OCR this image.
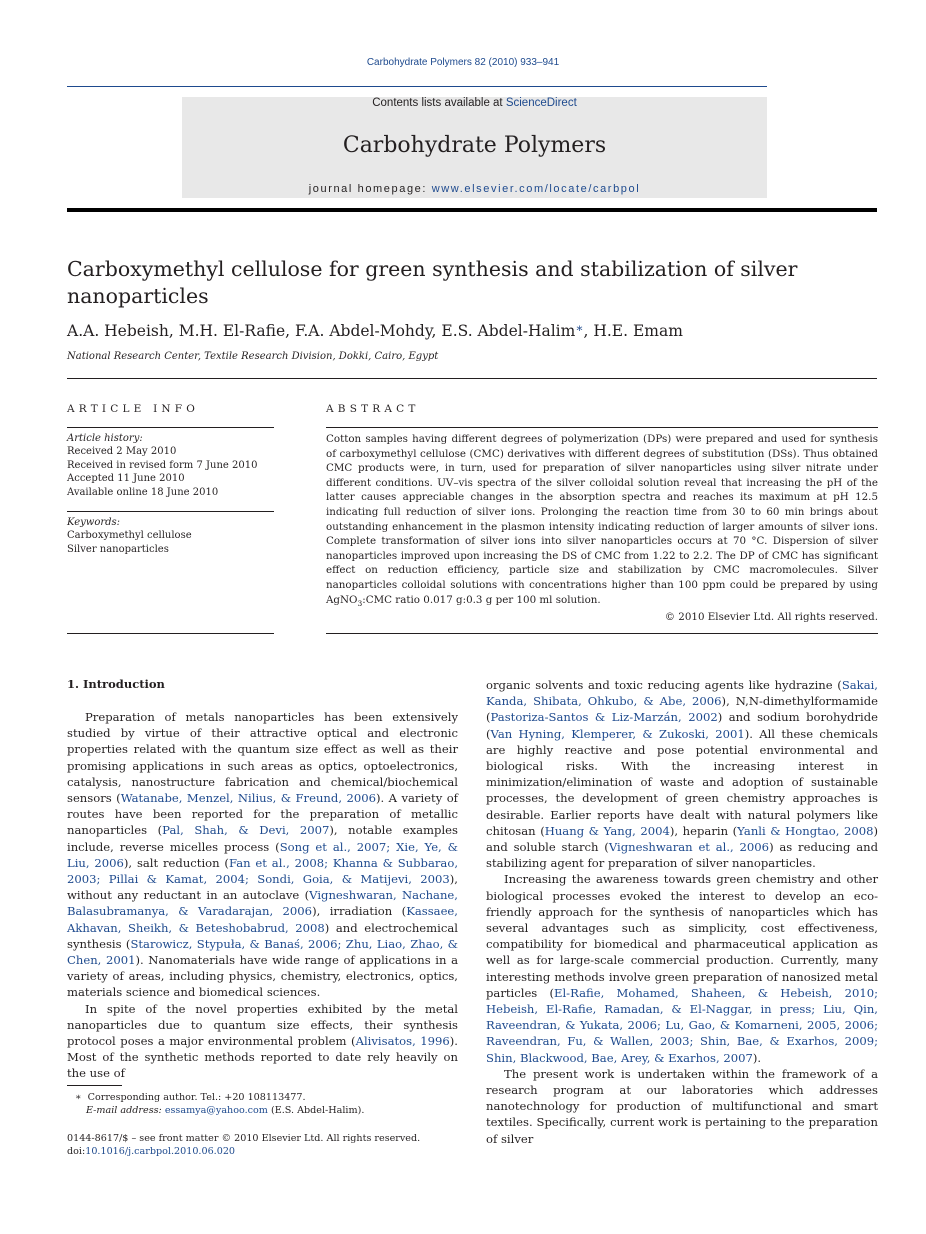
Carbohydrate Polymers 82 (2010) 933–941
Contents lists available at ScienceDirect
Carbohydrate Polymers
journal homepage: www.elsevier.com/locate/carbpol
Carboxymethyl cellulose for green synthesis and stabilization of silver
nanoparticles
A.A. Hebeish, M.H. El-Rafie, F.A. Abdel-Mohdy, E.S. Abdel-Halim∗, H.E. Emam
National Research Center, Textile Research Division, Dokki, Cairo, Egypt
ARTICLE INFO
Article history:
Received 2 May 2010
Received in revised form 7 June 2010
Accepted 11 June 2010
Available online 18 June 2010
Keywords:
Carboxymethyl cellulose
Silver nanoparticles
ABSTRACT
Cotton samples having different degrees of polymerization (DPs) were prepared and used for synthesis of carboxymethyl cellulose (CMC) derivatives with different degrees of substitution (DSs). Thus obtained CMC products were, in turn, used for preparation of silver nanoparticles using silver nitrate under different conditions. UV–vis spectra of the silver colloidal solution reveal that increasing the pH of the latter causes appreciable changes in the absorption spectra and reaches its maximum at pH 12.5 indicating full reduction of silver ions. Prolonging the reaction time from 30 to 60 min brings about outstanding enhancement in the plasmon intensity indicating reduction of larger amounts of silver ions. Complete transformation of silver ions into silver nanoparticles occurs at 70 °C. Dispersion of silver nanoparticles improved upon increasing the DS of CMC from 1.22 to 2.2. The DP of CMC has significant effect on reduction efficiency, particle size and stabilization by CMC macromolecules. Silver nanoparticles colloidal solutions with concentrations higher than 100 ppm could be prepared by using AgNO$_3$:CMC ratio 0.017 g:0.3 g per 100 ml solution.
© 2010 Elsevier Ltd. All rights reserved.
1. Introduction

Preparation of metals nanoparticles has been extensively studied by virtue of their attractive optical and electronic properties related with the quantum size effect as well as their promising applications in such areas as optics, optoelectronics, catalysis, nanostructure fabrication and chemical/biochemical sensors (Watanabe, Menzel, Nilius, & Freund, 2006). A variety of routes have been reported for the preparation of metallic nanoparticles (Pal, Shah, & Devi, 2007), notable examples include, reverse micelles process (Song et al., 2007; Xie, Ye, & Liu, 2006), salt reduction (Fan et al., 2008; Khanna & Subbarao, 2003; Pillai & Kamat, 2004; Sondi, Goia, & Matijevi, 2003), without any reductant in an autoclave (Vigneshwaran, Nachane, Balasubramanya, & Varadarajan, 2006), irradiation (Kassaee, Akhavan, Sheikh, & Beteshobabrud, 2008) and electrochemical synthesis (Starowicz, Stypuła, & Banaś, 2006; Zhu, Liao, Zhao, & Chen, 2001). Nanomaterials have wide range of applications in a variety of areas, including physics, chemistry, electronics, optics, materials science and biomedical sciences.

In spite of the novel properties exhibited by the metal nanoparticles due to quantum size effects, their synthesis protocol poses a major environmental problem (Alivisatos, 1996). Most of the synthetic methods reported to date rely heavily on the use of

organic solvents and toxic reducing agents like hydrazine (Sakai, Kanda, Shibata, Ohkubo, & Abe, 2006), N,N-dimethylformamide (Pastoriza-Santos & Liz-Marzán, 2002) and sodium borohydride (Van Hyning, Klemperer, & Zukoski, 2001). All these chemicals are highly reactive and pose potential environmental and biological risks. With the increasing interest in minimization/elimination of waste and adoption of sustainable processes, the development of green chemistry approaches is desirable. Earlier reports have dealt with natural polymers like chitosan (Huang & Yang, 2004), heparin (Yanli & Hongtao, 2008) and soluble starch (Vigneshwaran et al., 2006) as reducing and stabilizing agent for preparation of silver nanoparticles.

Increasing the awareness towards green chemistry and other biological processes evoked the interest to develop an eco-friendly approach for the synthesis of nanoparticles which has several advantages such as simplicity, cost effectiveness, compatibility for biomedical and pharmaceutical application as well as for large-scale commercial production. Currently, many interesting methods involve green preparation of nanosized metal particles (El-Rafie, Mohamed, Shaheen, & Hebeish, 2010; Hebeish, El-Rafie, Ramadan, & El-Naggar, in press; Liu, Qin, Raveendran, & Yukata, 2006; Lu, Gao, & Komarneni, 2005, 2006; Raveendran, Fu, & Wallen, 2003; Shin, Bae, & Exarhos, 2009; Shin, Blackwood, Bae, Arey, & Exarhos, 2007).

The present work is undertaken within the framework of a research program at our laboratories which addresses nanotechnology for production of multifunctional and smart textiles. Specifically, current work is pertaining to the preparation of silver

∗ Corresponding author. Tel.: +20 108113477.
E-mail address: essamya@yahoo.com (E.S. Abdel-Halim).
0144-8617/$ – see front matter © 2010 Elsevier Ltd. All rights reserved.
doi:10.1016/j.carbpol.2010.06.020
